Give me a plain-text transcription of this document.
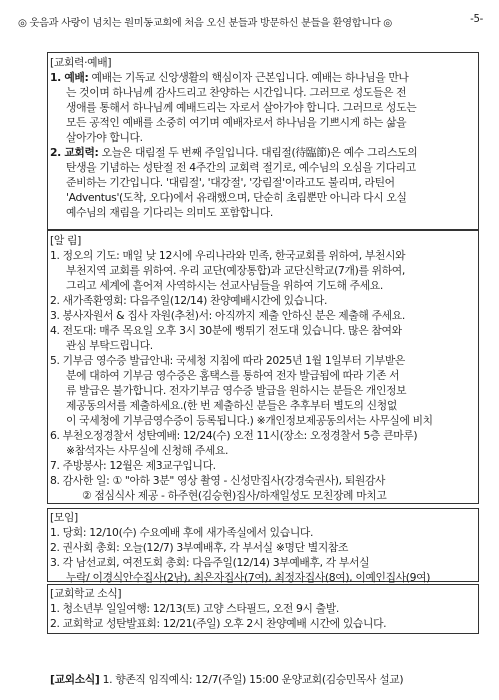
◎ 웃음과 사랑이 넘치는 원미동교회에 처음 오신 분들과 방문하신 분들을 환영합니다 ◎	-5-
[교회력·예배]
1. 예배: 예배는 기독교 신앙생활의 핵심이자 근본입니다. 예배는 하나님을 만나
는 것이며 하나님께 감사드리고 찬양하는 시간입니다. 그러므로 성도들은 전
생애를 통해서 하나님께 예배드리는 자로서 살아가야 합니다. 그러므로 성도는
모든 공적인 예배를 소중히 여기며 예배자로서 하나님을 기쁘시게 하는 삶을
살아가야 합니다.
2. 교회력: 오늘은 대림절 두 번째 주일입니다. 대림절(待臨節)은 예수 그리스도의
탄생을 기념하는 성탄절 전 4주간의 교회력 절기로, 예수님의 오심을 기다리고
준비하는 기간입니다. '대림절', '대강절', '강림절'이라고도 불리며, 라틴어
'Adventus'(도착, 오다)에서 유래했으며, 단순히 초림뿐만 아니라 다시 오실
예수님의 재림을 기다리는 의미도 포함합니다.
[알 림]
1. 정오의 기도: 매일 낮 12시에 우리나라와 민족, 한국교회를 위하여, 부천시와
부천지역 교회를 위하여. 우리 교단(예장통합)과 교단신학교(7개)를 위하여,
그리고 세계에 흩어져 사역하시는 선교사님들을 위하여 기도해 주세요.
2. 새가족환영회: 다음주일(12/14) 찬양예배시간에 있습니다.
3. 봉사자원서 & 집사 자원(추천)서: 아직까지 제출 안하신 분은 제출해 주세요.
4. 전도대: 매주 목요일 오후 3시 30분에 뻥튀기 전도대 있습니다. 많은 참여와
관심 부탁드립니다.
5. 기부금 영수증 발급안내: 국세청 지침에 따라 2025년 1월 1일부터 기부받은
분에 대하여 기부금 영수증은 홈택스를 통하여 전자 발급됨에 따라 기존 서
류 발급은 불가합니다. 전자기부금 영수증 발급을 원하시는 분들은 개인정보
제공동의서를 제출하세요.(한 번 제출하신 분들은 추후부터 별도의 신청없
이 국세청에 기부금영수증이 등록됩니다.) ※개인정보제공동의서는 사무실에 비치
6. 부천오정경찰서 성탄예배: 12/24(수) 오전 11시(장소: 오정경찰서 5층 큰마루)
※참석자는 사무실에 신청해 주세요.
7. 주방봉사: 12월은 제3교구입니다.
8. 감사한 일: ① "아하 3분" 영상 촬영 - 신성만집사(강경숙권사), 퇴원감사
② 점심식사 제공 - 하주현(김승현)집사/하재일성도 모친장례 마치고
[모임]
1. 당회: 12/10(수) 수요예배 후에 새가족실에서 있습니다.
2. 권사회 총회: 오늘(12/7) 3부예배후, 각 부서실 ※명단 별지참조
3. 각 남선교회, 여전도회 총회: 다음주일(12/14) 3부예배후, 각 부서실
누락/ 이경식안수집사(2남), 최은자집사(7여), 최정자집사(8여), 이예인집사(9여)
[교회학교 소식]
1. 청소년부 일일여행: 12/13(토) 고양 스타필드, 오전 9시 출발.
2. 교회학교 성탄발표회: 12/21(주일) 오후 2시 찬양예배 시간에 있습니다.
[교외소식] 1. 향존직 임직예식: 12/7(주일) 15:00 운양교회(김승민목사 설교)
